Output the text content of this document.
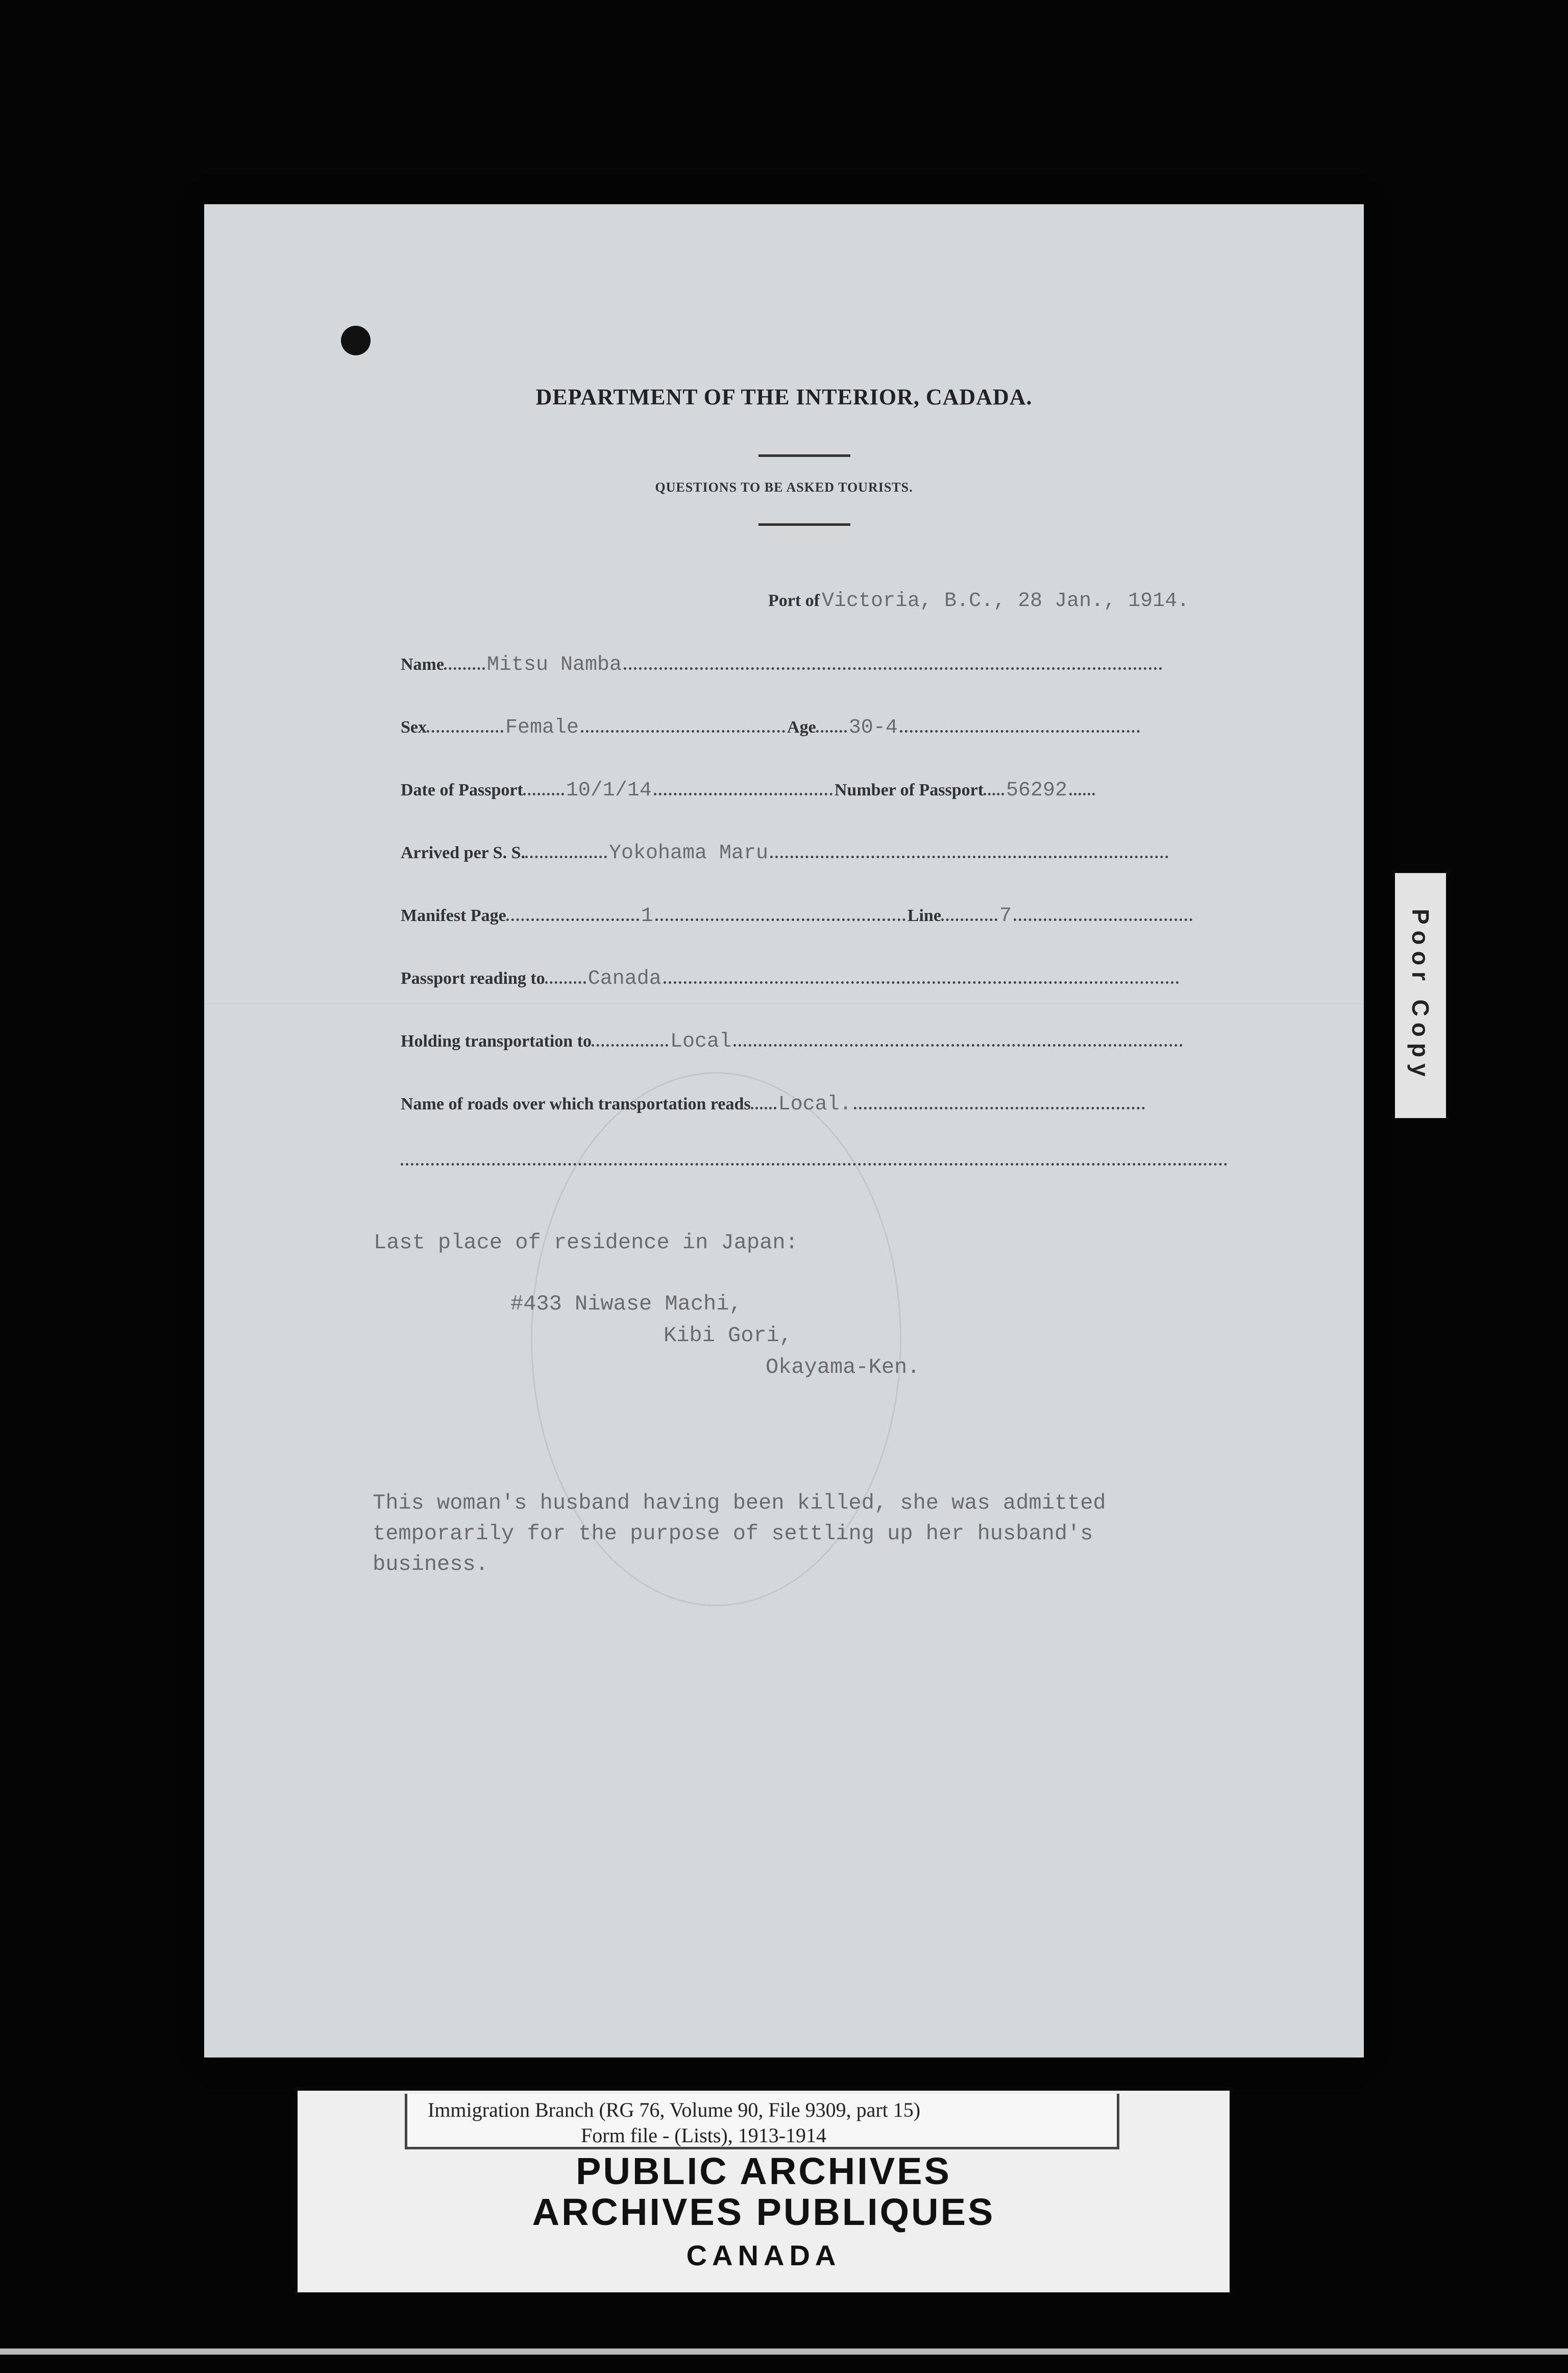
DEPARTMENT OF THE INTERIOR, CADADA.
QUESTIONS TO BE ASKED TOURISTS.
Port of Victoria, B.C., 28 Jan., 1914.
Name Mitsu Namba
Sex	Female	Age 30-4
Date of Passport 10/1/14	Number of Passport 56292
Arrived per S. S.	Yokohama Maru
Manifest Page	1	Line	7
Passport reading to Canada
Holding transportation to	Local
Name of roads over which transportation reads Local.
Last place of residence in Japan:
#433 Niwase Machi,
Kibi Gori,
Okayama-Ken.
This woman's husband having been killed, she was admitted
temporarily for the purpose of settling up her husband's
business.
Poor Copy
Immigration Branch (RG 76, Volume 90, File 9309, part 15)
Form file - (Lists), 1913-1914
PUBLIC ARCHIVES
ARCHIVES PUBLIQUES
CANADA
